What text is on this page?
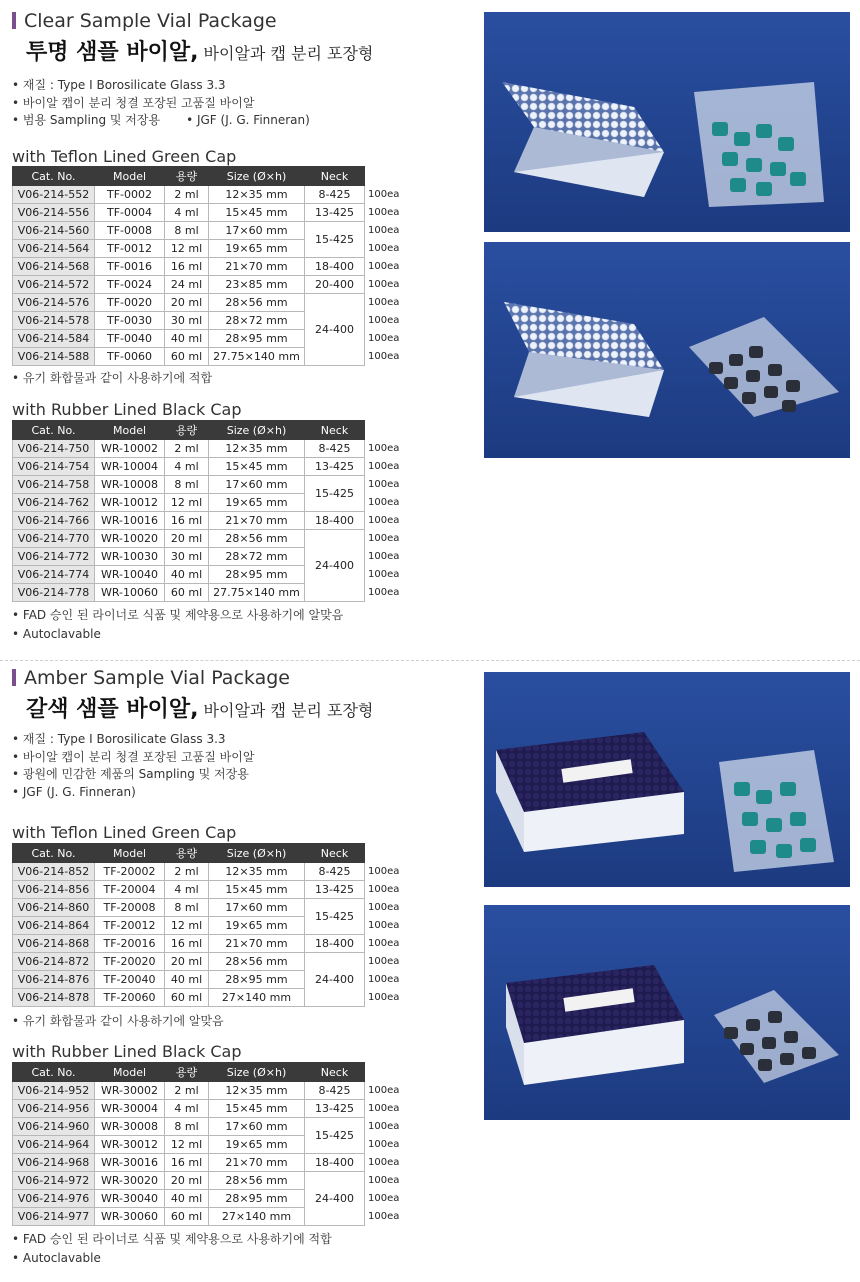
Clear Sample Vial Package
투명 샘플 바이알, 바이알과 캡 분리 포장형
• 재질 : Type I Borosilicate Glass 3.3
• 바이알 캡이 분리 청결 포장된 고품질 바이알
• 범용 Sampling 및 저장용 • JGF (J. G. Finneran)
with Teflon Lined Green Cap
Cat. No.	Model	용량	Size (Ø×h)	Neck	
V06-214-552	TF-0002	2 ml	12×35 mm	8-425	100ea
V06-214-556	TF-0004	4 ml	15×45 mm	13-425	100ea
V06-214-560	TF-0008	8 ml	17×60 mm	15-425	100ea
V06-214-564	TF-0012	12 ml	19×65 mm		100ea
V06-214-568	TF-0016	16 ml	21×70 mm	18-400	100ea
V06-214-572	TF-0024	24 ml	23×85 mm	20-400	100ea
V06-214-576	TF-0020	20 ml	28×56 mm	24-400	100ea
V06-214-578	TF-0030	30 ml	28×72 mm		100ea
V06-214-584	TF-0040	40 ml	28×95 mm		100ea
V06-214-588	TF-0060	60 ml	27.75×140 mm		100ea
• 유기 화합물과 같이 사용하기에 적합
with Rubber Lined Black Cap
Cat. No.	Model	용량	Size (Ø×h)	Neck	
V06-214-750	WR-10002	2 ml	12×35 mm	8-425	100ea
V06-214-754	WR-10004	4 ml	15×45 mm	13-425	100ea
V06-214-758	WR-10008	8 ml	17×60 mm	15-425	100ea
V06-214-762	WR-10012	12 ml	19×65 mm		100ea
V06-214-766	WR-10016	16 ml	21×70 mm	18-400	100ea
V06-214-770	WR-10020	20 ml	28×56 mm	24-400	100ea
V06-214-772	WR-10030	30 ml	28×72 mm		100ea
V06-214-774	WR-10040	40 ml	28×95 mm		100ea
V06-214-778	WR-10060	60 ml	27.75×140 mm		100ea
• FAD 승인 된 라이너로 식품 및 제약용으로 사용하기에 알맞음
• Autoclavable
Amber Sample Vial Package
갈색 샘플 바이알, 바이알과 캡 분리 포장형
• 재질 : Type I Borosilicate Glass 3.3
• 바이알 캡이 분리 청결 포장된 고품질 바이알
• 광원에 민감한 제품의 Sampling 및 저장용
• JGF (J. G. Finneran)
with Teflon Lined Green Cap
Cat. No.	Model	용량	Size (Ø×h)	Neck	
V06-214-852	TF-20002	2 ml	12×35 mm	8-425	100ea
V06-214-856	TF-20004	4 ml	15×45 mm	13-425	100ea
V06-214-860	TF-20008	8 ml	17×60 mm	15-425	100ea
V06-214-864	TF-20012	12 ml	19×65 mm		100ea
V06-214-868	TF-20016	16 ml	21×70 mm	18-400	100ea
V06-214-872	TF-20020	20 ml	28×56 mm	24-400	100ea
V06-214-876	TF-20040	40 ml	28×95 mm		100ea
V06-214-878	TF-20060	60 ml	27×140 mm		100ea
• 유기 화합물과 같이 사용하기에 알맞음
with Rubber Lined Black Cap
Cat. No.	Model	용량	Size (Ø×h)	Neck	
V06-214-952	WR-30002	2 ml	12×35 mm	8-425	100ea
V06-214-956	WR-30004	4 ml	15×45 mm	13-425	100ea
V06-214-960	WR-30008	8 ml	17×60 mm	15-425	100ea
V06-214-964	WR-30012	12 ml	19×65 mm		100ea
V06-214-968	WR-30016	16 ml	21×70 mm	18-400	100ea
V06-214-972	WR-30020	20 ml	28×56 mm	24-400	100ea
V06-214-976	WR-30040	40 ml	28×95 mm		100ea
V06-214-977	WR-30060	60 ml	27×140 mm		100ea
• FAD 승인 된 라이너로 식품 및 제약용으로 사용하기에 적합
• Autoclavable
